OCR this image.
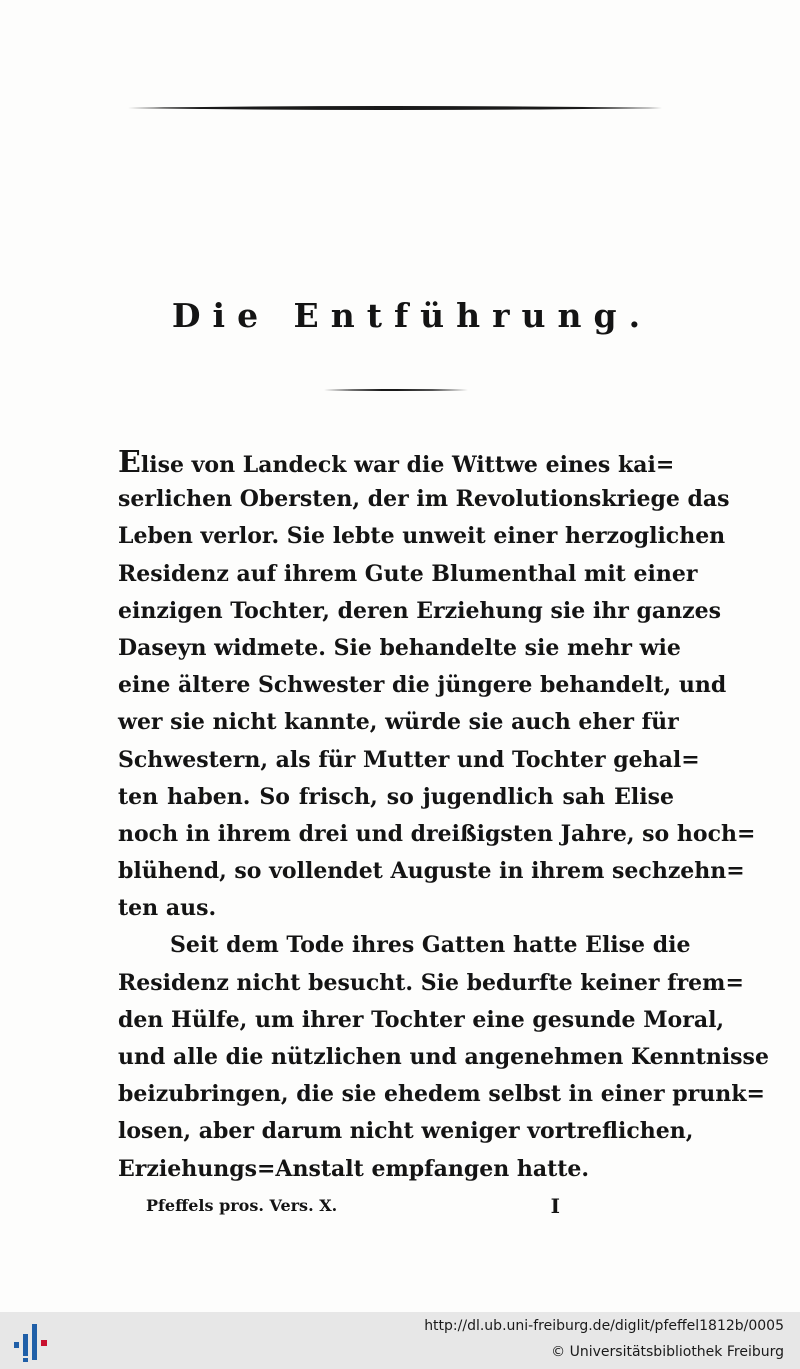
Die Entführung.
Elise von Landeck war die Wittwe eines kai=
serlichen Obersten, der im Revolutionskriege das
Leben verlor. Sie lebte unweit einer herzoglichen
Residenz auf ihrem Gute Blumenthal mit einer
einzigen Tochter, deren Erziehung sie ihr ganzes
Daseyn widmete. Sie behandelte sie mehr wie
eine ältere Schwester die jüngere behandelt, und
wer sie nicht kannte, würde sie auch eher für
Schwestern, als für Mutter und Tochter gehal=
ten haben. So frisch, so jugendlich sah Elise
noch in ihrem drei und dreißigsten Jahre, so hoch=
blühend, so vollendet Auguste in ihrem sechzehn=
ten aus.
Seit dem Tode ihres Gatten hatte Elise die
Residenz nicht besucht. Sie bedurfte keiner frem=
den Hülfe, um ihrer Tochter eine gesunde Moral,
und alle die nützlichen und angenehmen Kenntnisse
beizubringen, die sie ehedem selbst in einer prunk=
losen, aber darum nicht weniger vortreflichen,
Erziehungs=Anstalt empfangen hatte.
Pfeffels pros. Vers. X.	I
http://dl.ub.uni-freiburg.de/diglit/pfeffel1812b/0005
© Universitätsbibliothek Freiburg
